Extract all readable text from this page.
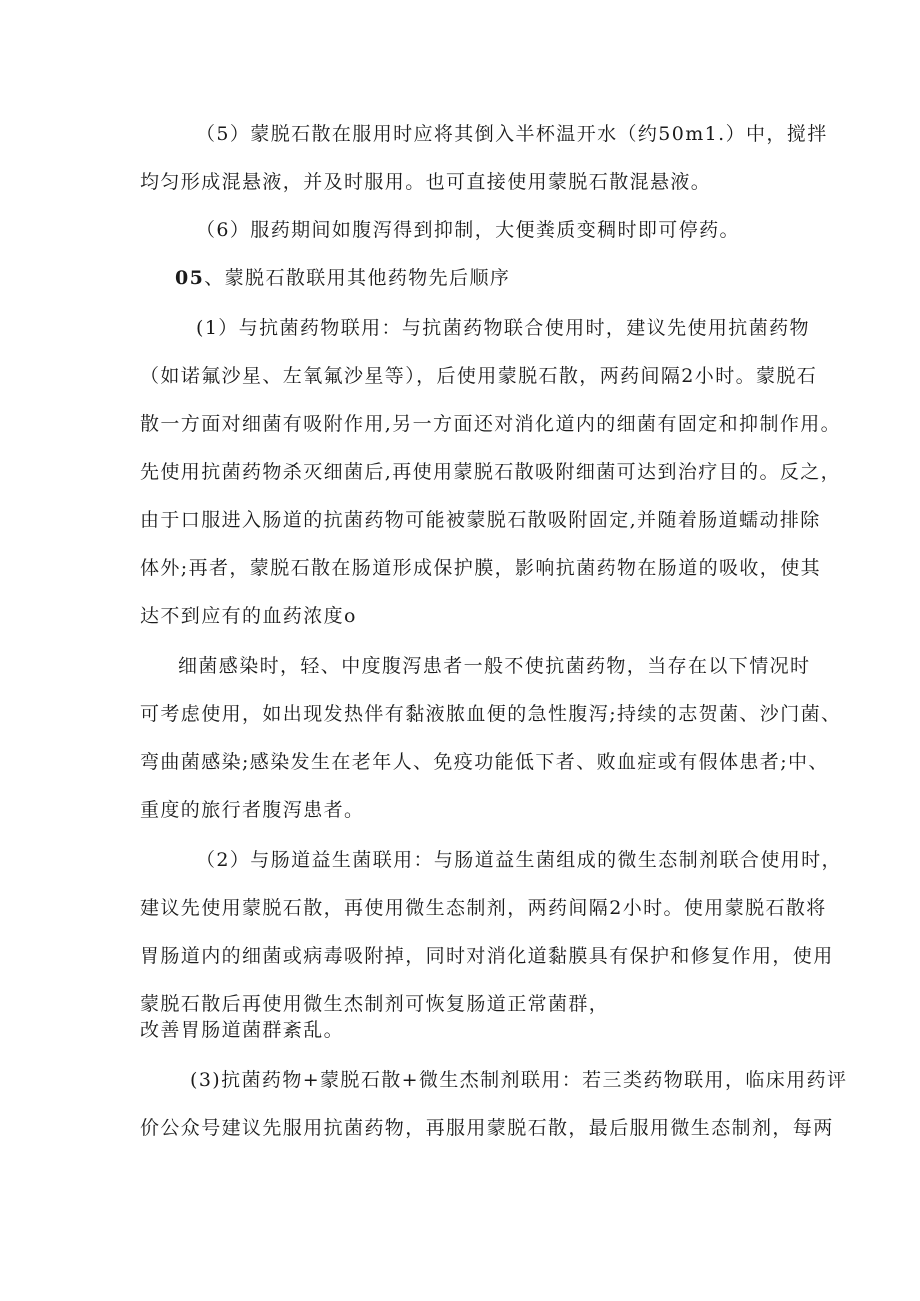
（5）蒙脱石散在服用时应将其倒入半杯温开水（约50m1.）中，搅拌
均匀形成混悬液，并及时服用。也可直接使用蒙脱石散混悬液。
（6）服药期间如腹泻得到抑制，大便粪质变稠时即可停药。
05、蒙脱石散联用其他药物先后顺序
(1）与抗菌药物联用：与抗菌药物联合使用时，建议先使用抗菌药物
（如诺氟沙星、左氧氟沙星等），后使用蒙脱石散，两药间隔2小时。蒙脱石
散一方面对细菌有吸附作用,另一方面还对消化道内的细菌有固定和抑制作用。
先使用抗菌药物杀灭细菌后,再使用蒙脱石散吸附细菌可达到治疗目的。反之，
由于口服进入肠道的抗菌药物可能被蒙脱石散吸附固定,并随着肠道蠕动排除
体外;再者，蒙脱石散在肠道形成保护膜，影响抗菌药物在肠道的吸收，使其
达不到应有的血药浓度o
细菌感染时，轻、中度腹泻患者一般不使抗菌药物，当存在以下情况时
可考虑使用，如出现发热伴有黏液脓血便的急性腹泻;持续的志贺菌、沙门菌、
弯曲菌感染;感染发生在老年人、免疫功能低下者、败血症或有假体患者;中、
重度的旅行者腹泻患者。
（2）与肠道益生菌联用：与肠道益生菌组成的微生态制剂联合使用时，
建议先使用蒙脱石散，再使用微生态制剂，两药间隔2小时。使用蒙脱石散将
胃肠道内的细菌或病毒吸附掉，同时对消化道黏膜具有保护和修复作用，使用
蒙脱石散后再使用微生杰制剂可恢复肠道正常菌群，
改善胃肠道菌群紊乱。
(3)抗菌药物+蒙脱石散+微生杰制剂联用：若三类药物联用，临床用药评
价公众号建议先服用抗菌药物，再服用蒙脱石散，最后服用微生态制剂，每两
